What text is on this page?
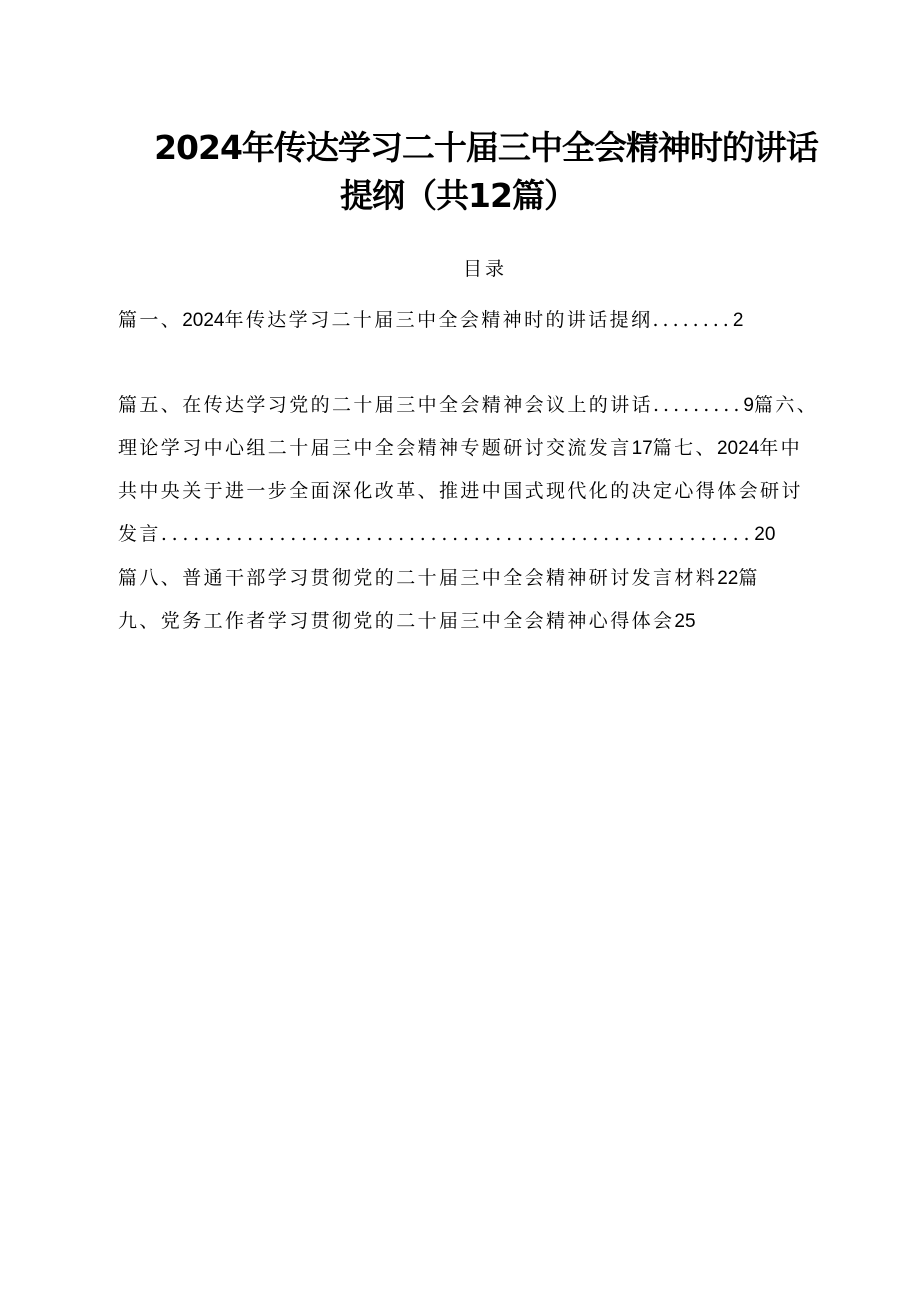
2024年传达学习二十届三中全会精神时的讲话
提纲（共12篇）
目录
篇一、2024年传达学习二十届三中全会精神时的讲话提纲........2
篇五、在传达学习党的二十届三中全会精神会议上的讲话.........9篇六、
理论学习中心组二十届三中全会精神专题研讨交流发言17篇七、2024年中
共中央关于进一步全面深化改革、推进中国式现代化的决定心得体会研讨
发言.......................................................20
篇八、普通干部学习贯彻党的二十届三中全会精神研讨发言材料22篇
九、党务工作者学习贯彻党的二十届三中全会精神心得体会25
